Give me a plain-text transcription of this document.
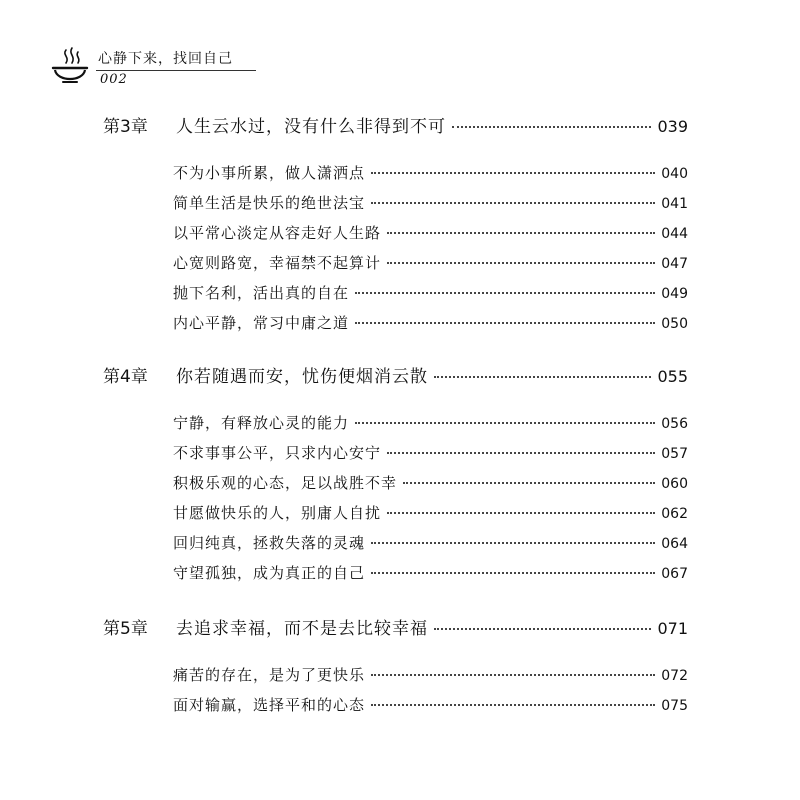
心静下来，找回自己
002
第3章	人生云水过，没有什么非得到不可	039
不为小事所累，做人潇洒点	040
简单生活是快乐的绝世法宝	041
以平常心淡定从容走好人生路	044
心宽则路宽，幸福禁不起算计	047
抛下名利，活出真的自在	049
内心平静，常习中庸之道	050
第4章	你若随遇而安，忧伤便烟消云散	055
宁静，有释放心灵的能力	056
不求事事公平，只求内心安宁	057
积极乐观的心态，足以战胜不幸	060
甘愿做快乐的人，别庸人自扰	062
回归纯真，拯救失落的灵魂	064
守望孤独，成为真正的自己	067
第5章	去追求幸福，而不是去比较幸福	071
痛苦的存在，是为了更快乐	072
面对输赢，选择平和的心态	075
